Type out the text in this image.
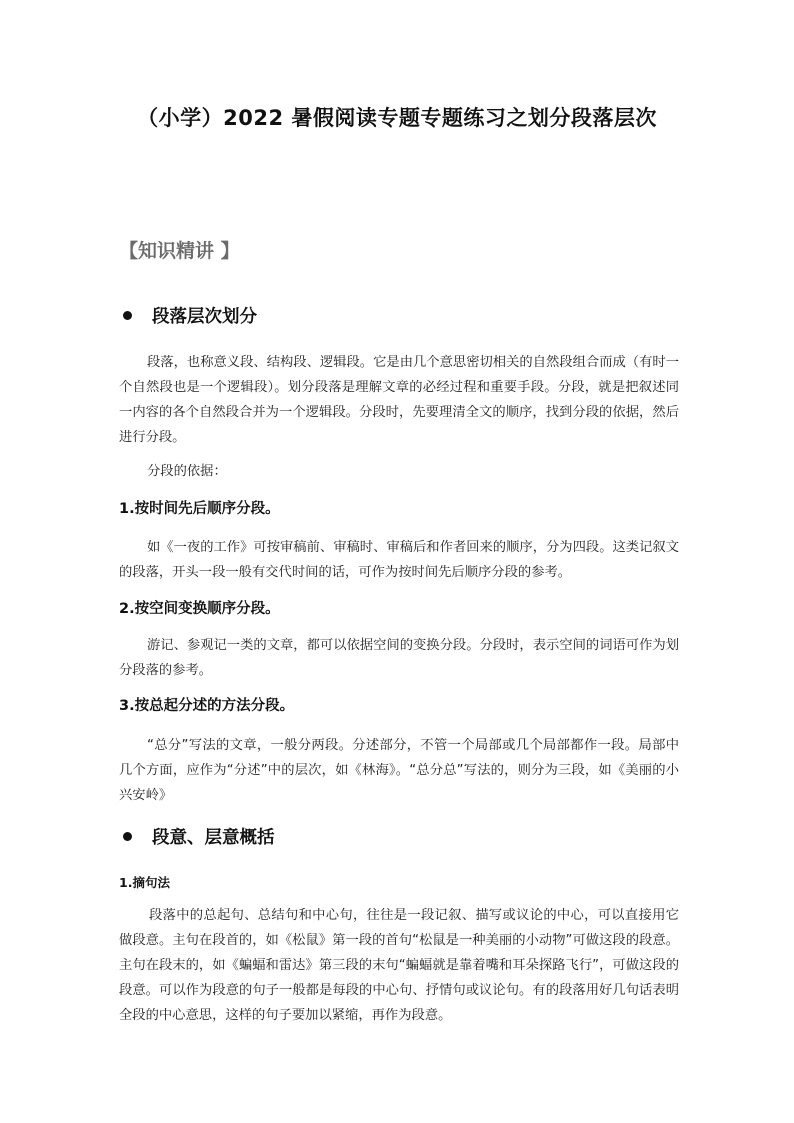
（小学）2022 暑假阅读专题专题练习之划分段落层次
【知识精讲 】
段落层次划分
段落，也称意义段、结构段、逻辑段。它是由几个意思密切相关的自然段组合而成（有时一个自然段也是一个逻辑段）。划分段落是理解文章的必经过程和重要手段。分段，就是把叙述同一内容的各个自然段合并为一个逻辑段。分段时，先要理清全文的顺序，找到分段的依据，然后进行分段。
分段的依据：
1.按时间先后顺序分段。
如《一夜的工作》可按审稿前、审稿时、审稿后和作者回来的顺序，分为四段。这类记叙文的段落，开头一段一般有交代时间的话，可作为按时间先后顺序分段的参考。
2.按空间变换顺序分段。
游记、参观记一类的文章，都可以依据空间的变换分段。分段时，表示空间的词语可作为划分段落的参考。
3.按总起分述的方法分段。
“总分”写法的文章，一般分两段。分述部分，不管一个局部或几个局部都作一段。局部中几个方面，应作为“分述”中的层次，如《林海》。“总分总”写法的，则分为三段，如《美丽的小兴安岭》
段意、层意概括
1.摘句法
段落中的总起句、总结句和中心句，往往是一段记叙、描写或议论的中心，可以直接用它做段意。主句在段首的，如《松鼠》第一段的首句“松鼠是一种美丽的小动物”可做这段的段意。主句在段末的，如《蝙蝠和雷达》第三段的末句“蝙蝠就是靠着嘴和耳朵探路飞行”，可做这段的段意。可以作为段意的句子一般都是每段的中心句、抒情句或议论句。有的段落用好几句话表明全段的中心意思，这样的句子要加以紧缩，再作为段意。
